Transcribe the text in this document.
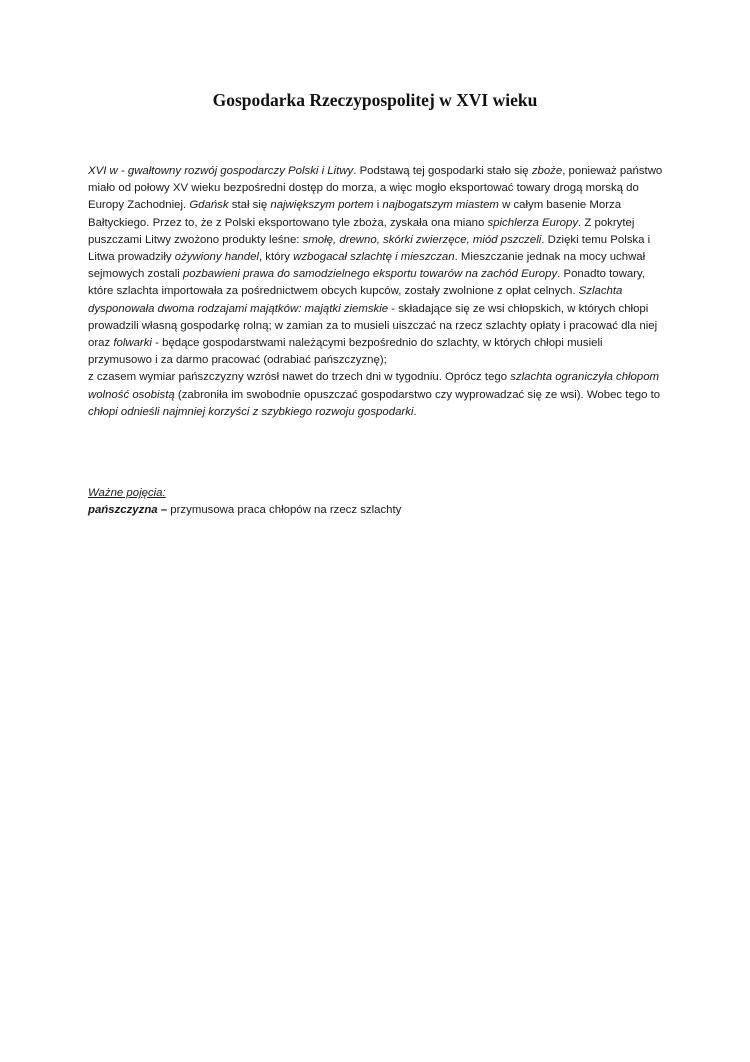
Gospodarka Rzeczypospolitej w XVI wieku

XVI w - gwałtowny rozwój gospodarczy Polski i Litwy. Podstawą tej gospodarki stało się zboże, ponieważ państwo miało od połowy XV wieku bezpośredni dostęp do morza, a więc mogło eksportować towary drogą morską do Europy Zachodniej. Gdańsk stał się największym portem i najbogatszym miastem w całym basenie Morza Bałtyckiego. Przez to, że z Polski eksportowano tyle zboża, zyskała ona miano spichlerza Europy. Z pokrytej puszczami Litwy zwożono produkty leśne: smołę, drewno, skórki zwierzęce, miód pszczeli. Dzięki temu Polska i Litwa prowadziły ożywiony handel, który wzbogacał szlachtę i mieszczan. Mieszczanie jednak na mocy uchwał sejmowych zostali pozbawieni prawa do samodzielnego eksportu towarów na zachód Europy. Ponadto towary, które szlachta importowała za pośrednictwem obcych kupców, zostały zwolnione z opłat celnych. Szlachta dysponowała dwoma rodzajami majątków: majątki ziemskie - składające się ze wsi chłopskich, w których chłopi prowadzili własną gospodarkę rolną; w zamian za to musieli uiszczać na rzecz szlachty opłaty i pracować dla niej oraz folwarki - będące gospodarstwami należącymi bezpośrednio do szlachty, w których chłopi musieli przymusowo i za darmo pracować (odrabiać pańszczyznę);

z czasem wymiar pańszczyzny wzrósł nawet do trzech dni w tygodniu. Oprócz tego szlachta ograniczyła chłopom wolność osobistą (zabroniła im swobodnie opuszczać gospodarstwo czy wyprowadzać się ze wsi). Wobec tego to chłopi odnieśli najmniej korzyści z szybkiego rozwoju gospodarki.

Ważne pojęcia:
pańszczyzna – przymusowa praca chłopów na rzecz szlachty
